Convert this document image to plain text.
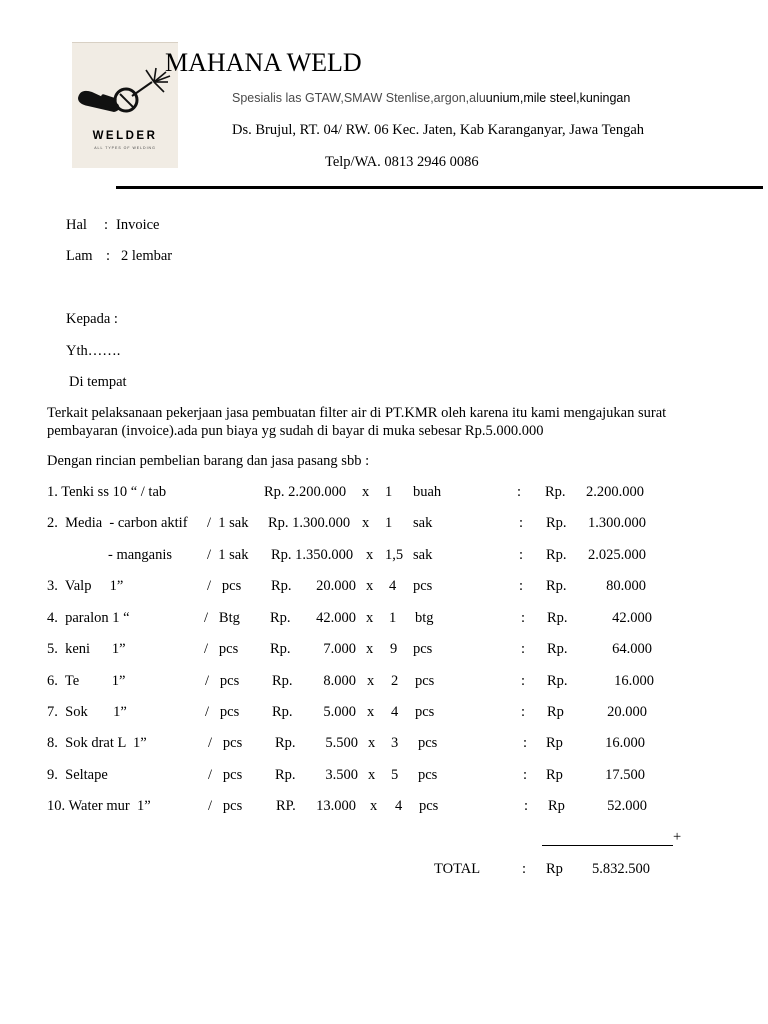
WELDER
ALL TYPES OF WELDING
MAHANA WELD
Spesialis las GTAW,SMAW Stenlise,argon,aluunium,mile steel,kuningan
Ds. Brujul, RT. 04/ RW. 06 Kec. Jaten, Kab Karanganyar, Jawa Tengah
Telp/WA. 0813 2946 0086
Hal : Invoice
Lam : 2 lembar
Kepada :
Yth…….
Di tempat
Terkait pelaksanaan pekerjaan jasa pembuatan filter air di PT.KMR oleh karena itu kami mengajukan surat
pembayaran (invoice).ada pun biaya yg sudah di bayar di muka sebesar Rp.5.000.000
Dengan rincian pembelian barang dan jasa pasang sbb :
1. Tenki ss 10 “ / tab	Rp. 2.200.000 x 1 buah	: Rp. 2.200.000
2.  Media  - carbon aktif /  1 sak Rp. 1.300.000 x 1 sak	: Rp. 1.300.000
- manganis /  1 sak Rp. 1.350.000 x 1,5 sak	: Rp. 2.025.000
3.  Valp     1”	/   pcs Rp. 20.000 x 4 pcs	: Rp.	80.000
4.  paralon 1 “	/   Btg Rp. 42.000 x 1 btg	: Rp.	42.000
5.  keni      1”	/   pcs Rp. 7.000 x 9 pcs	: Rp.	64.000
6.  Te         1”	/   pcs Rp. 8.000 x 2 pcs	: Rp.	16.000
7.  Sok       1”	/   pcs Rp. 5.000 x 4 pcs	: Rp	20.000
8.  Sok drat L  1”	/   pcs Rp. 5.500 x 3 pcs	: Rp	16.000
9.  Seltape	/   pcs Rp. 3.500 x 5 pcs	: Rp	17.500
10. Water mur  1”	/   pcs RP. 13.000 x 4 pcs	: Rp	52.000
+
TOTAL	: Rp 5.832.500
